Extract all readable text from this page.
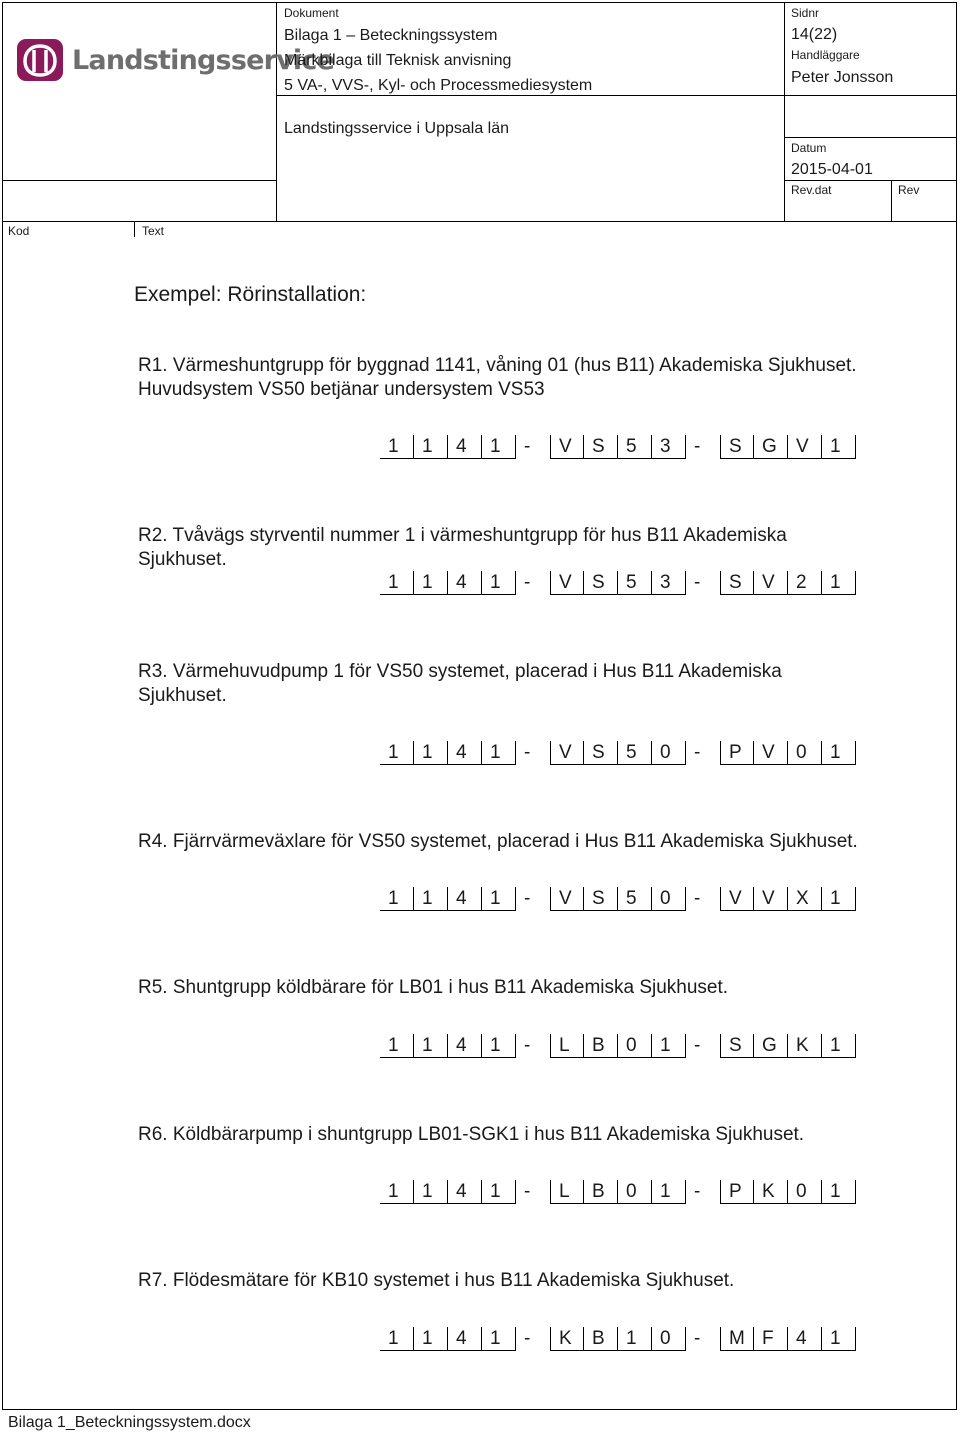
Landstingsservice
Dokument
Bilaga 1 – Beteckningssystem
Märkbilaga till Teknisk anvisning
5 VA-, VVS-, Kyl- och Processmediesystem
Landstingsservice i Uppsala län
Sidnr
14(22)
Handläggare
Peter Jonsson
Datum
2015-04-01
Rev.dat	Rev
Kod	Text
Exempel: Rörinstallation:
R1. Värmeshuntgrupp för byggnad 1141, våning 01 (hus B11) Akademiska Sjukhuset.
Huvudsystem VS50 betjänar undersystem VS53
1	1	4	1	-	V	S	5	3	-	S	G	V	1
R2. Tvåvägs styrventil nummer 1 i värmeshuntgrupp för hus B11 Akademiska
Sjukhuset.
1	1	4	1	-	V	S	5	3	-	S	V	2	1
R3. Värmehuvudpump 1 för VS50 systemet, placerad i Hus B11 Akademiska
Sjukhuset.
1	1	4	1	-	V	S	5	0	-	P	V	0	1
R4. Fjärrvärmeväxlare för VS50 systemet, placerad i Hus B11 Akademiska Sjukhuset.
1	1	4	1	-	V	S	5	0	-	V	V	X	1
R5. Shuntgrupp köldbärare för LB01 i hus B11 Akademiska Sjukhuset.
1	1	4	1	-	L	B	0	1	-	S	G	K	1
R6. Köldbärarpump i shuntgrupp LB01-SGK1 i hus B11 Akademiska Sjukhuset.
1	1	4	1	-	L	B	0	1	-	P	K	0	1
R7. Flödesmätare för KB10 systemet i hus B11 Akademiska Sjukhuset.
1	1	4	1	-	K	B	1	0	-	M F	4	1
Bilaga 1_Beteckningssystem.docx
